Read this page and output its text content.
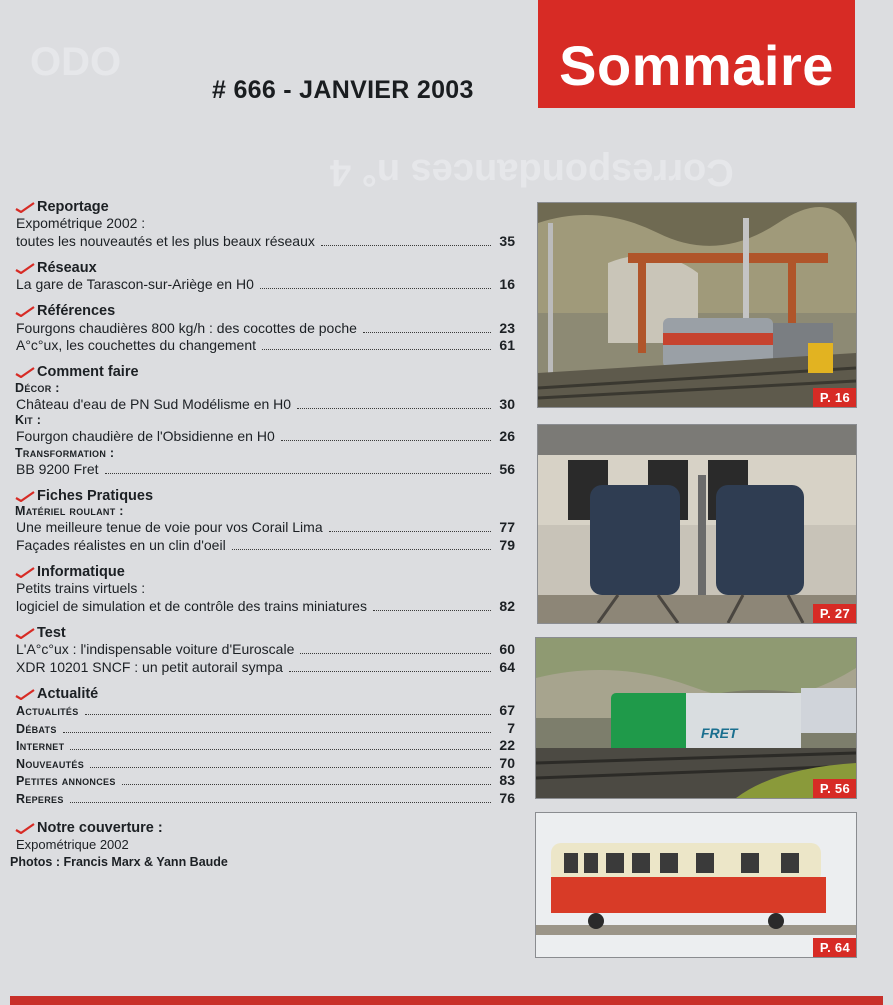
ODO
Correspondances n° 4
Sommaire
# 666 - JANVIER 2003
Reportage
Expométrique 2002 :
toutes les nouveautés et les plus beaux réseaux	35
Réseaux
La gare de Tarascon-sur-Ariège en H0	16
Références
Fourgons chaudières 800 kg/h : des cocottes de poche	23
A°c°ux, les couchettes du changement	61
Comment faire
Décor :
Château d'eau de PN Sud Modélisme en H0	30
Kit :
Fourgon chaudière de l'Obsidienne en H0	26
Transformation :
BB 9200 Fret	56
Fiches Pratiques
Matériel roulant :
Une meilleure tenue de voie pour vos Corail Lima	77
Façades réalistes en un clin d'oeil	79
Informatique
Petits trains virtuels :
logiciel de simulation et de contrôle des trains miniatures	82
Test
L'A°c°ux : l'indispensable voiture d'Euroscale	60
XDR 10201 SNCF : un petit autorail sympa	64
Actualité
Actualités	67
Débats	7
Internet	22
Nouveautés	70
Petites annonces	83
Reperes	76
Notre couverture :
Expométrique 2002
Photos : Francis Marx & Yann Baude
P. 16
P. 27
FRET
P. 56
P. 64
